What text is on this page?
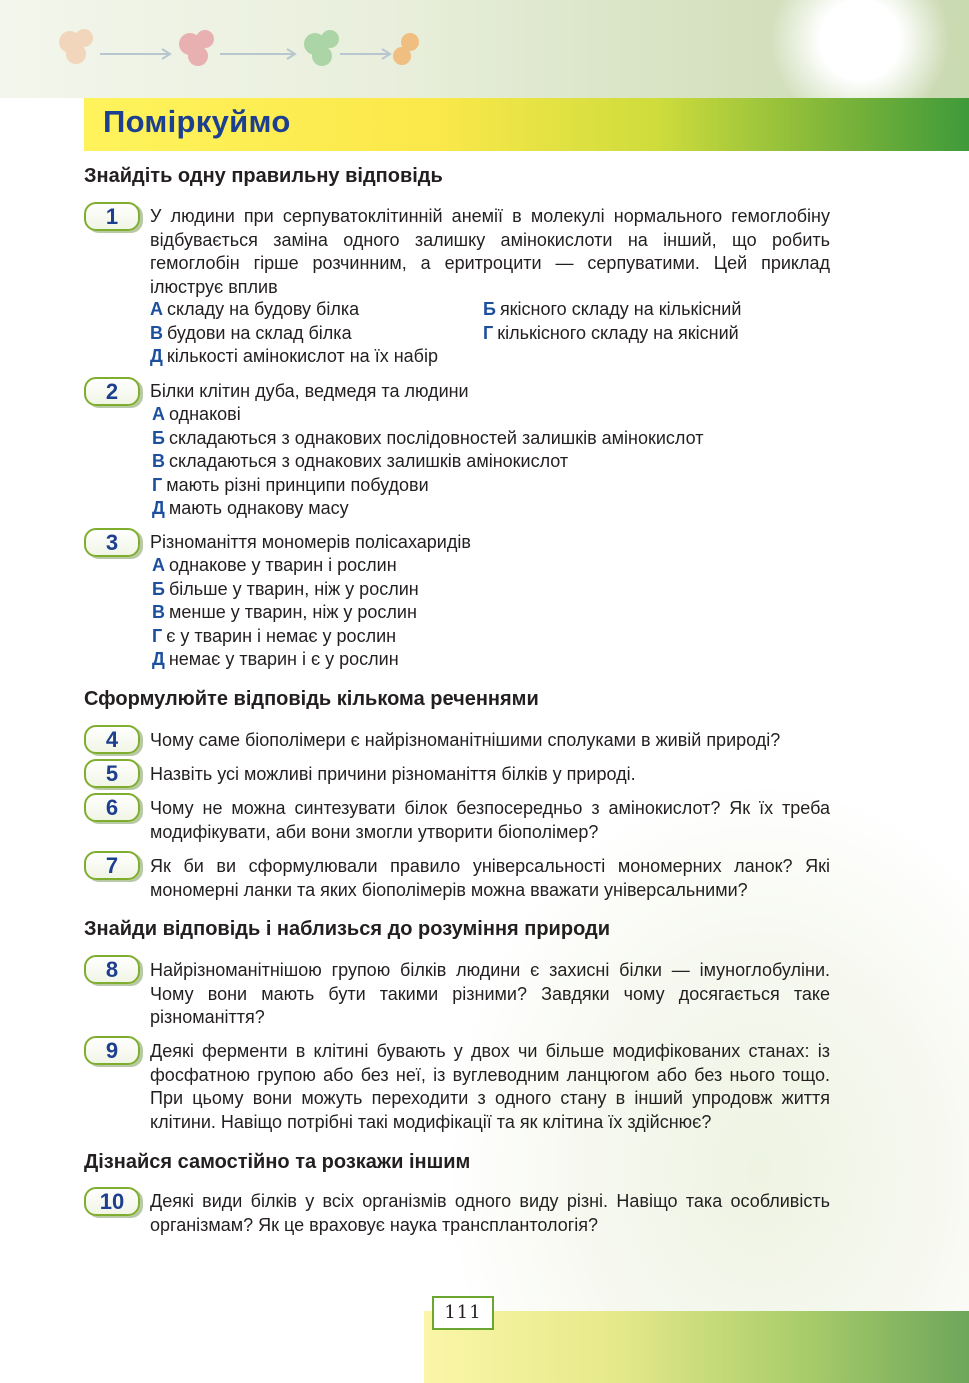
Поміркуймо
Знайдіть одну правильну відповідь
1	У людини при серпуватоклітинній анемії в молекулі нормального гемоглобіну відбувається заміна одного залишку амінокислоти на інший, що робить гемоглобін гірше розчинним, а еритроцити — серпуватими. Цей приклад ілюструє вплив

А складу на будову білка	Б якісного складу на кількісний
В будови на склад білка	Г кількісного складу на якісний
Д кількості амінокислот на їх набір
2	Білки клітин дуба, ведмедя та людини

А однакові
Б складаються з однакових послідовностей залишків амінокислот
В складаються з однакових залишків амінокислот
Г мають різні принципи побудови
Д мають однакову масу
3	Різноманіття мономерів полісахаридів

А однакове у тварин і рослин
Б більше у тварин, ніж у рослин
В менше у тварин, ніж у рослин
Г є у тварин і немає у рослин
Д немає у тварин і є у рослин
Сформулюйте відповідь кількома реченнями
4	Чому саме біополімери є найрізноманітнішими сполуками в живій природі?

5	Назвіть усі можливі причини різноманіття білків у природі.

6	Чому не можна синтезувати білок безпосередньо з амінокислот? Як їх треба модифікувати, аби вони змогли утворити біополімер?

7	Як би ви сформулювали правило універсальності мономерних ланок? Які мономерні ланки та яких біополімерів можна вважати універсальними?

Знайди відповідь і наблизься до розуміння природи
8	Найрізноманітнішою групою білків людини є захисні білки — імуноглобуліни. Чому вони мають бути такими різними? Завдяки чому досягається таке різноманіття?

9	Деякі ферменти в клітині бувають у двох чи більше модифікованих станах: із фосфатною групою або без неї, із вуглеводним ланцюгом або без нього тощо. При цьому вони можуть переходити з одного стану в інший упродовж життя клітини. Навіщо потрібні такі модифікації та як клітина їх здійснює?

Дізнайся самостійно та розкажи іншим
10	Деякі види білків у всіх організмів одного виду різні. Навіщо така особливість організмам? Як це враховує наука трансплантологія?

111
